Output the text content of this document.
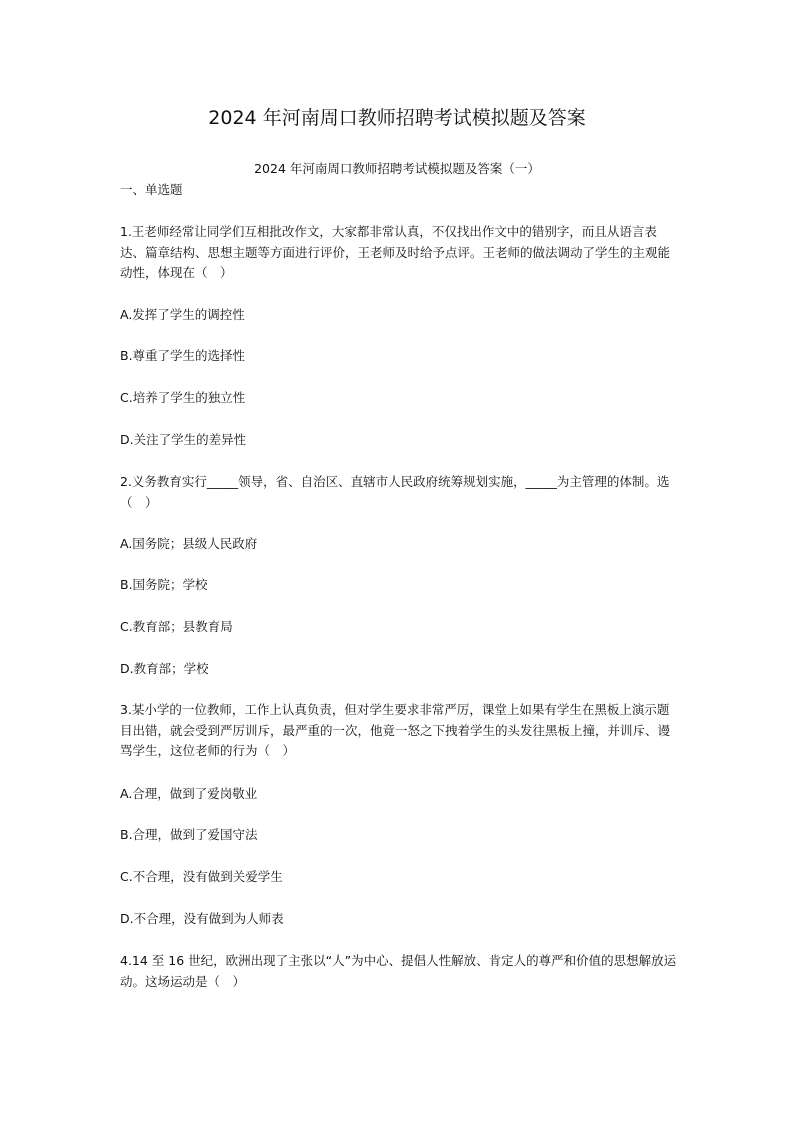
2024 年河南周口教师招聘考试模拟题及答案
2024 年河南周口教师招聘考试模拟题及答案（一）
一、单选题
1.王老师经常让同学们互相批改作文，大家都非常认真，不仅找出作文中的错别字，而且从语言表达、篇章结构、思想主题等方面进行评价，王老师及时给予点评。王老师的做法调动了学生的主观能动性，体现在（　）
A.发挥了学生的调控性
B.尊重了学生的选择性
C.培养了学生的独立性
D.关注了学生的差异性
2.义务教育实行_____领导，省、自治区、直辖市人民政府统筹规划实施，_____为主管理的体制。选（　）
A.国务院；县级人民政府
B.国务院；学校
C.教育部；县教育局
D.教育部；学校
3.某小学的一位教师，工作上认真负责，但对学生要求非常严厉，课堂上如果有学生在黑板上演示题目出错，就会受到严厉训斥，最严重的一次，他竟一怒之下拽着学生的头发往黑板上撞，并训斥、谩骂学生，这位老师的行为（　）
A.合理，做到了爱岗敬业
B.合理，做到了爱国守法
C.不合理，没有做到关爱学生
D.不合理，没有做到为人师表
4.14 至 16 世纪，欧洲出现了主张以“人”为中心、提倡人性解放、肯定人的尊严和价值的思想解放运动。这场运动是（　）
